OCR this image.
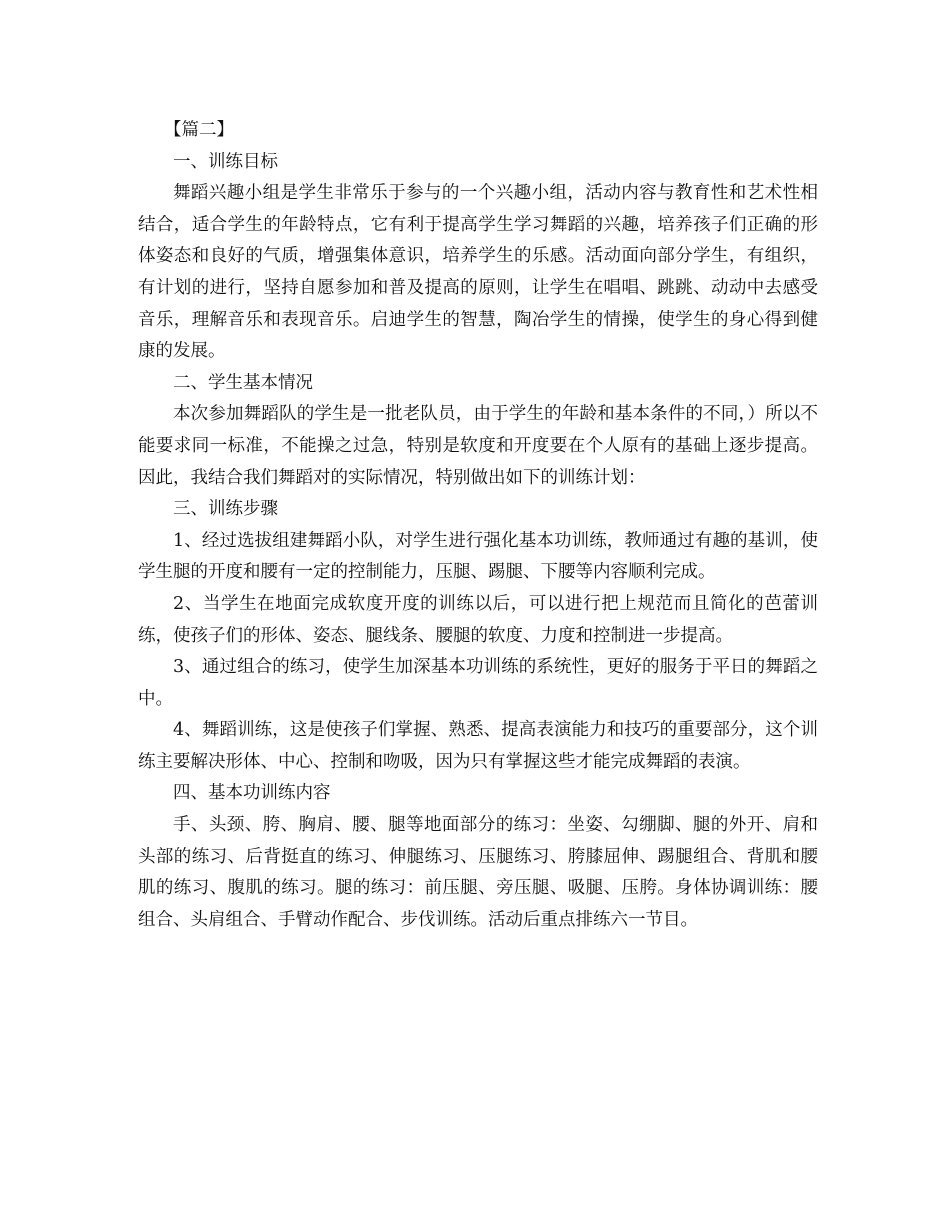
【篇二】

一、训练目标

舞蹈兴趣小组是学生非常乐于参与的一个兴趣小组，活动内容与教育性和艺术性相结合，适合学生的年龄特点，它有利于提高学生学习舞蹈的兴趣，培养孩子们正确的形体姿态和良好的气质，增强集体意识，培养学生的乐感。活动面向部分学生，有组织，有计划的进行，坚持自愿参加和普及提高的原则，让学生在唱唱、跳跳、动动中去感受音乐，理解音乐和表现音乐。启迪学生的智慧，陶冶学生的情操，使学生的身心得到健康的发展。

二、学生基本情况

本次参加舞蹈队的学生是一批老队员，由于学生的年龄和基本条件的不同，）所以不能要求同一标准，不能操之过急，特别是软度和开度要在个人原有的基础上逐步提高。因此，我结合我们舞蹈对的实际情况，特别做出如下的训练计划：

三、训练步骤

1、经过选拔组建舞蹈小队，对学生进行强化基本功训练，教师通过有趣的基训，使学生腿的开度和腰有一定的控制能力，压腿、踢腿、下腰等内容顺利完成。

2、当学生在地面完成软度开度的训练以后，可以进行把上规范而且简化的芭蕾训练，使孩子们的形体、姿态、腿线条、腰腿的软度、力度和控制进一步提高。

3、通过组合的练习，使学生加深基本功训练的系统性，更好的服务于平日的舞蹈之中。

4、舞蹈训练，这是使孩子们掌握、熟悉、提高表演能力和技巧的重要部分，这个训练主要解决形体、中心、控制和吻吸，因为只有掌握这些才能完成舞蹈的表演。

四、基本功训练内容

手、头颈、胯、胸肩、腰、腿等地面部分的练习：坐姿、勾绷脚、腿的外开、肩和头部的练习、后背挺直的练习、伸腿练习、压腿练习、胯膝屈伸、踢腿组合、背肌和腰肌的练习、腹肌的练习。腿的练习：前压腿、旁压腿、吸腿、压胯。身体协调训练：腰组合、头肩组合、手臂动作配合、步伐训练。活动后重点排练六一节目。
